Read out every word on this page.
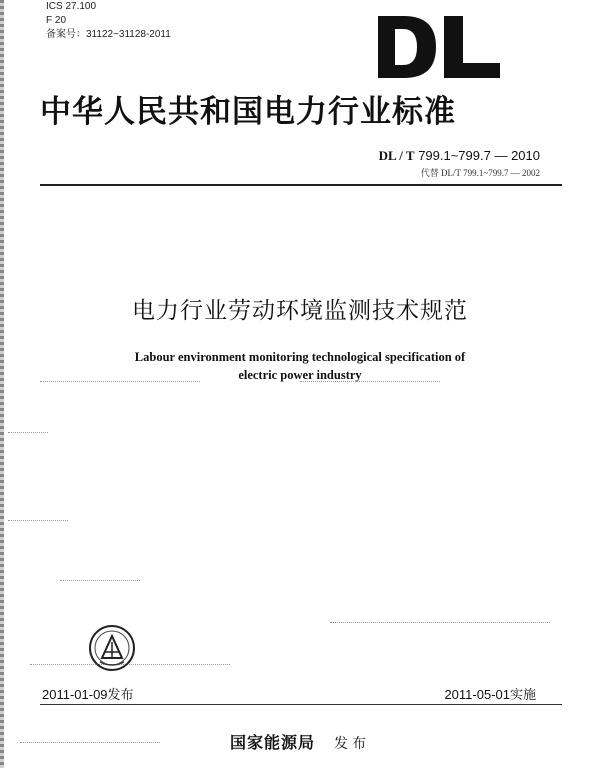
ICS 27.100
F 20
备案号：31122~31128-2011
中华人民共和国电力行业标准
DL / T 799.1~799.7 — 2010
代替 DL/T 799.1~799.7 — 2002
电力行业劳动环境监测技术规范
Labour environment monitoring technological specification of
electric power industry
2011-01-09发布	2011-05-01实施
国家能源局 发布
